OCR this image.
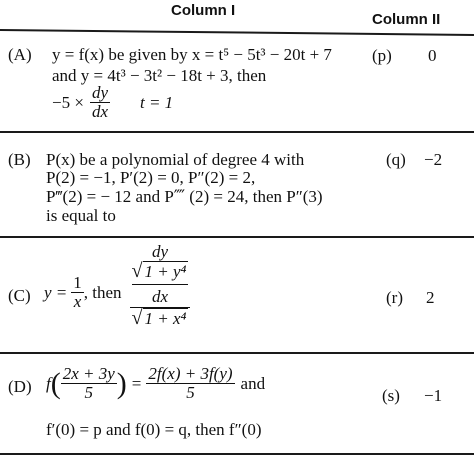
Column I
Column II
(A) y = f(x) be given by x = t⁵ − 5t³ − 20t + 7
and y = 4t³ − 3t² − 18t + 3, then
$-5 \times \frac{dy}{dx}$ t = 1
(p) 0
(B) P(x) be a polynomial of degree 4 with
P(2) = −1, P′(2) = 0, P″(2) = 2,
P‴(2) = − 12 and P⁗ (2) = 24, then P″(3)
is equal to
(q) −2
(C) $y = \frac{1}{x}$ , then
dy
√ 1 + y⁴
dx
√ 1 + x⁴
(r) 2
(D) f ( $\frac{2x + 3y}{5}$ ) = $\frac{2f(x) + 3f(y)}{5}$ and
f′(0) = p and f(0) = q, then f″(0)
(s) −1
